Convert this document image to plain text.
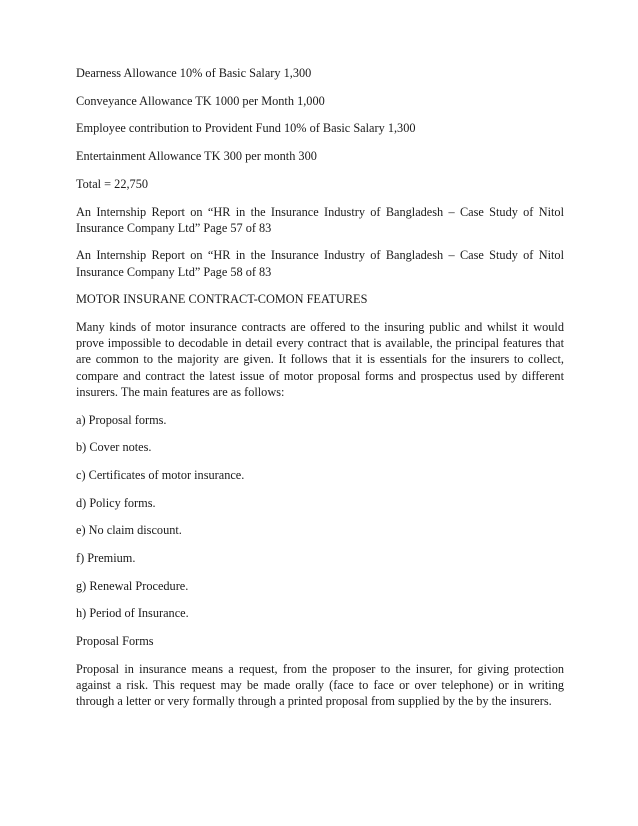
Dearness Allowance 10% of Basic Salary 1,300

Conveyance Allowance TK 1000 per Month 1,000

Employee contribution to Provident Fund 10% of Basic Salary 1,300

Entertainment Allowance TK 300 per month 300

Total = 22,750

An Internship Report on “HR in the Insurance Industry of Bangladesh – Case Study of Nitol Insurance Company Ltd” Page 57 of 83

An Internship Report on “HR in the Insurance Industry of Bangladesh – Case Study of Nitol Insurance Company Ltd” Page 58 of 83

MOTOR INSURANE CONTRACT-COMON FEATURES

Many kinds of motor insurance contracts are offered to the insuring public and whilst it would prove impossible to decodable in detail every contract that is available, the principal features that are common to the majority are given. It follows that it is essentials for the insurers to collect, compare and contract the latest issue of motor proposal forms and prospectus used by different insurers. The main features are as follows:

a) Proposal forms.

b) Cover notes.

c) Certificates of motor insurance.

d) Policy forms.

e) No claim discount.

f) Premium.

g) Renewal Procedure.

h) Period of Insurance.

Proposal Forms

Proposal in insurance means a request, from the proposer to the insurer, for giving protection against a risk. This request may be made orally (face to face or over telephone) or in writing through a letter or very formally through a printed proposal from supplied by the by the insurers.
